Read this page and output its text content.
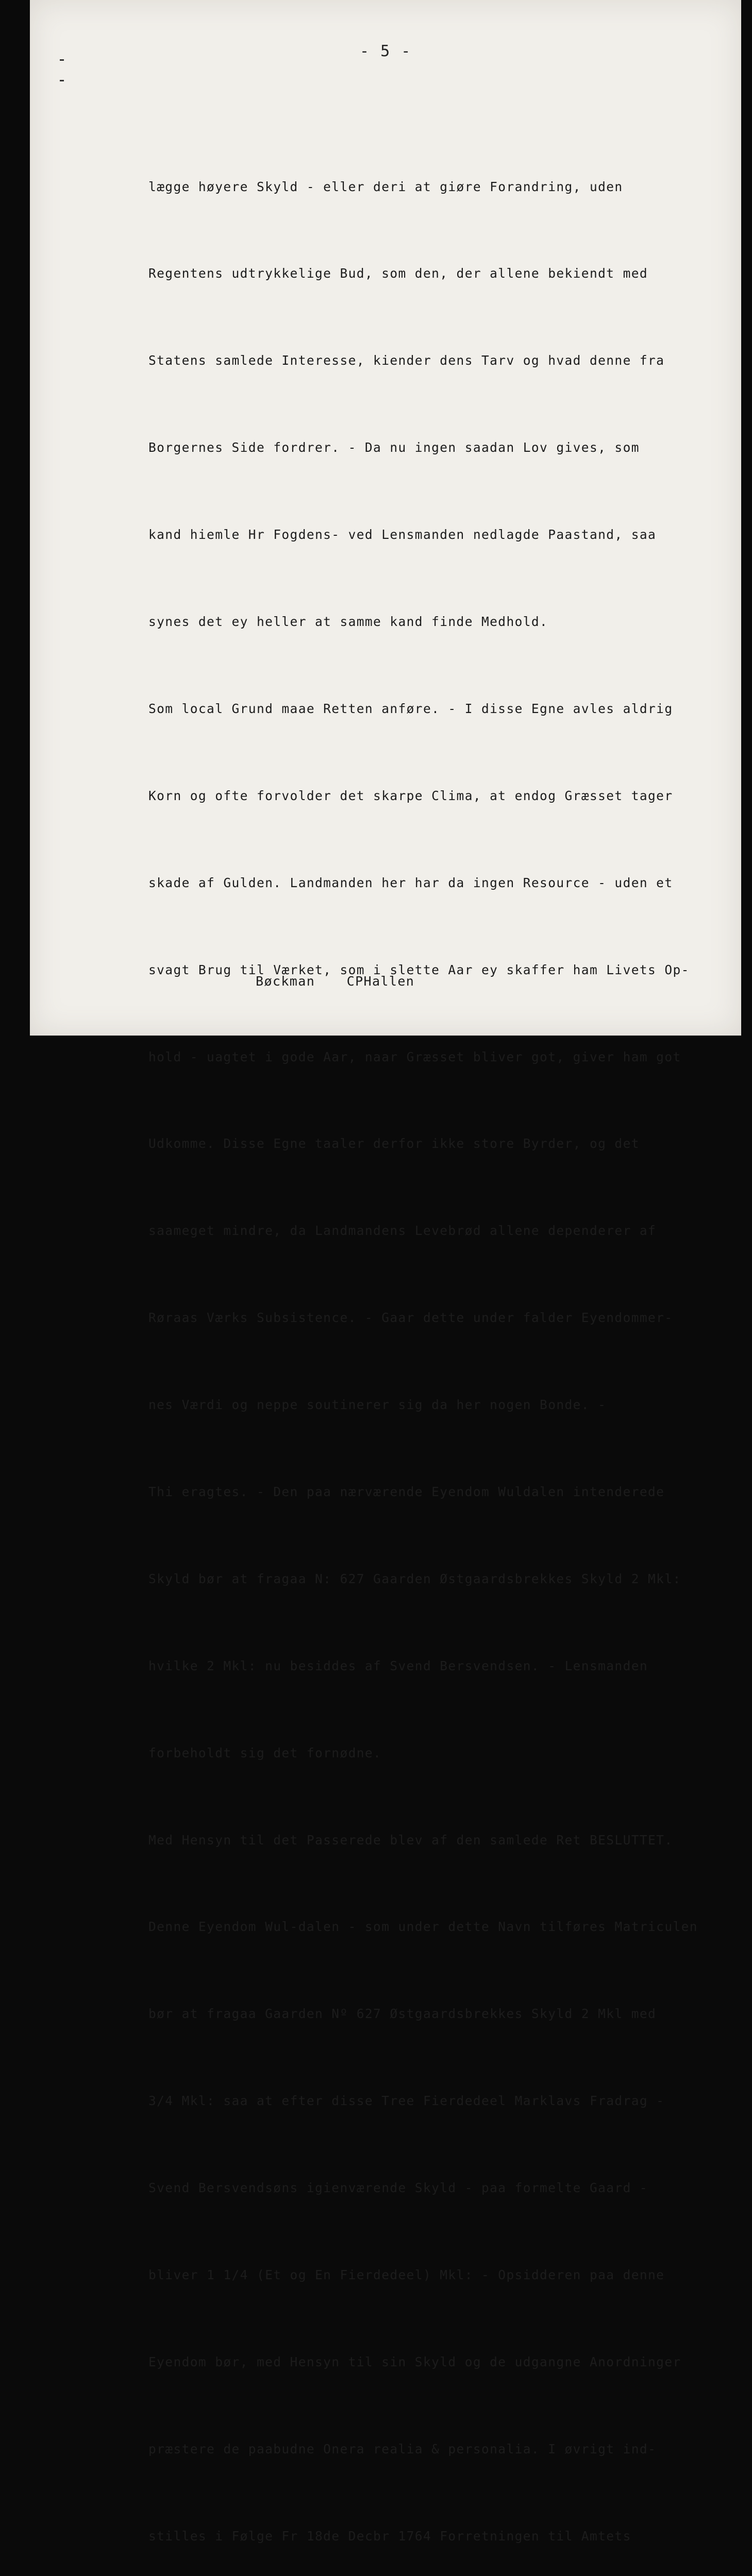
- 5 -

lægge høyere Skyld - eller deri at giøre Forandring, uden

Regentens udtrykkelige Bud, som den, der allene bekiendt med

Statens samlede Interesse, kiender dens Tarv og hvad denne fra

Borgernes Side fordrer. - Da nu ingen saadan Lov gives, som

kand hiemle Hr Fogdens- ved Lensmanden nedlagde Paastand, saa

synes det ey heller at samme kand finde Medhold.

Som local Grund maae Retten anføre. - I disse Egne avles aldrig

Korn og ofte forvolder det skarpe Clima, at endog Græsset tager

skade af Gulden. Landmanden her har da ingen Resource - uden et

svagt Brug til Værket, som i slette Aar ey skaffer ham Livets Op-

hold - uagtet i gode Aar, naar Græsset bliver got, giver ham got

Udkomme. Disse Egne taaler derfor ikke store Byrder, og det

saameget mindre, da Landmandens Levebrød allene dependerer af

Røraas Værks Subsistence. - Gaar dette under falder Eyendommer-

nes Værdi og neppe soutinerer sig da her nogen Bonde. -

Thi eragtes. - Den paa nærværende Eyendom Wuldalen intenderede

Skyld bør at fragaa N: 627 Gaarden Østgaardsbrekkes Skyld 2 Mkl:

hvilke 2 Mkl: nu besiddes af Svend Bersvendsen. - Lensmanden

forbeholdt sig det fornødne.

Med Hensyn til det Passerede blev af den samlede Ret BESLUTTET.

Denne Eyendom Wul-dalen - som under dette Navn tilføres Matriculen

bør at fragaa Gaarden Nº 627 Østgaardsbrekkes Skyld 2 Mkl med

3/4 Mkl: saa at efter disse Tree Fierdedeel Marklavs Fradrag -

Svend Bersvendsøns igienværende Skyld - paa formelte Gaard -

bliver 1 1/4 (Et og En Fierdedeel) Mkl: - Opsidderen paa denne

Eyendom bør, med Hensyn til sin Skyld og de udgangne Anordninger

præstere de paabudne Onera realia & personalia. I øvrigt ind-

stilles i Følge Fr 18de Decbr 1764 Forretningen til Amtets

Bøckman CPHallen
